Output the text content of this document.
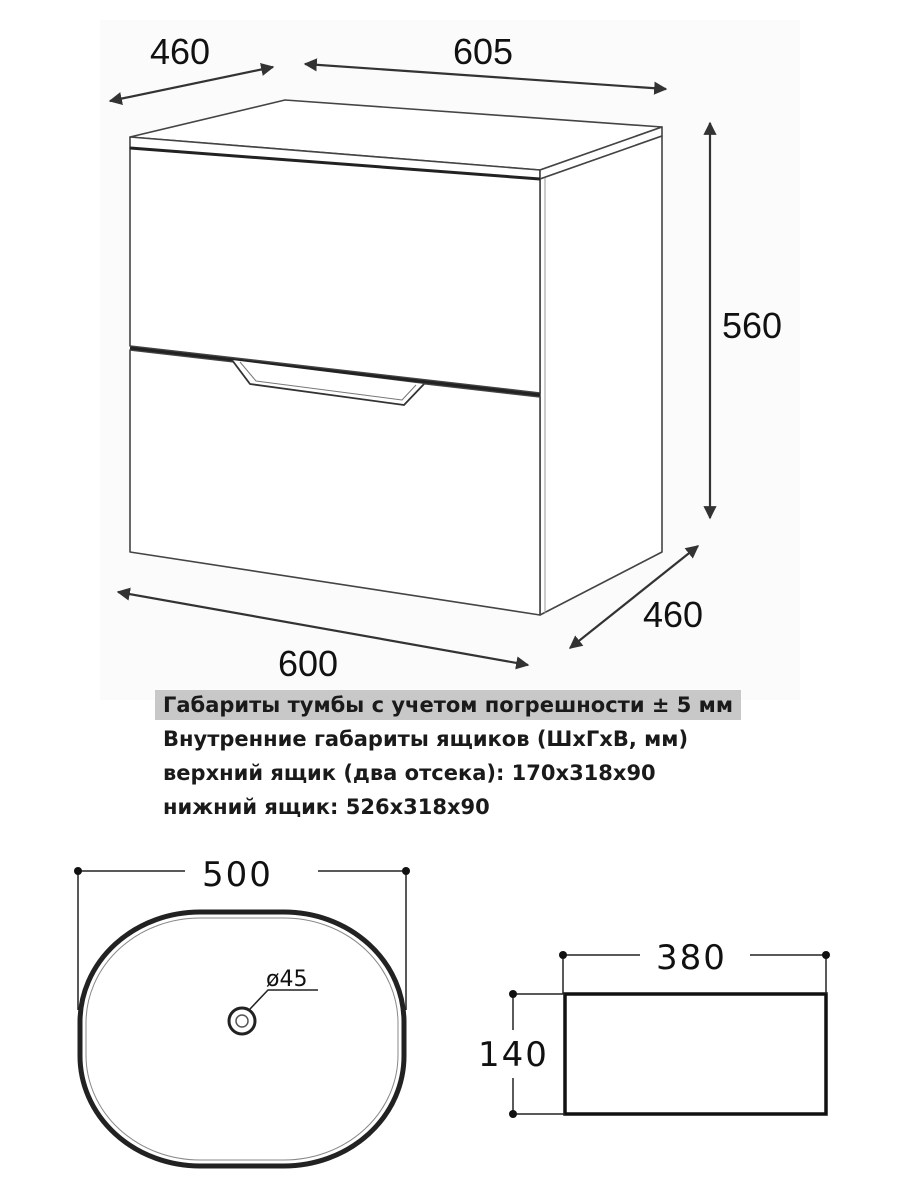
460	605
560
460
600
500
ø45
380
140
Габариты тумбы с учетом погрешности ± 5 мм
Внутренние габариты ящиков (ШхГхВ, мм)
верхний ящик (два отсека): 170х318х90
нижний ящик: 526х318х90
